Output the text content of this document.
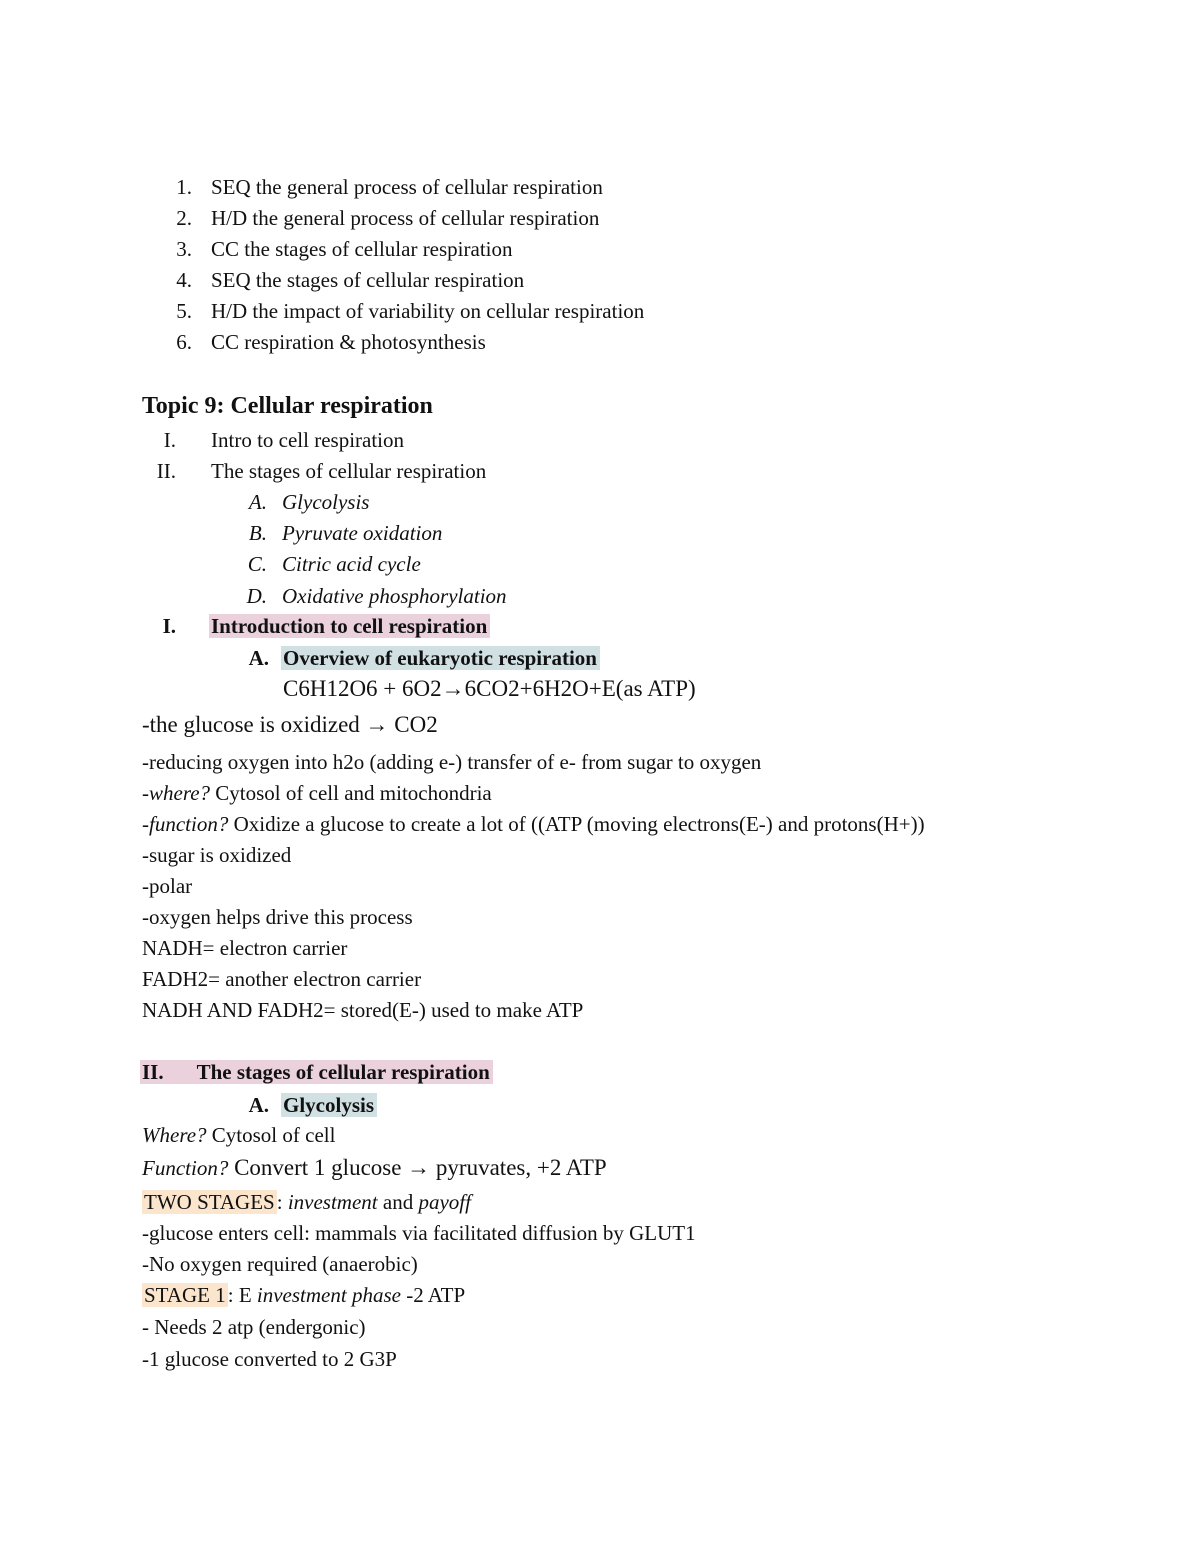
1. SEQ the general process of cellular respiration
2. H/D the general process of cellular respiration
3. CC the stages of cellular respiration
4. SEQ the stages of cellular respiration
5. H/D the impact of variability on cellular respiration
6. CC respiration & photosynthesis
Topic 9: Cellular respiration
I. Intro to cell respiration
II. The stages of cellular respiration
A. Glycolysis
B. Pyruvate oxidation
C. Citric acid cycle
D. Oxidative phosphorylation
I. Introduction to cell respiration
A. Overview of eukaryotic respiration
C6H12O6 + 6O2→6CO2+6H2O+E(as ATP)
-the glucose is oxidized → CO2
-reducing oxygen into h2o (adding e-) transfer of e- from sugar to oxygen
-where? Cytosol of cell and mitochondria
-function? Oxidize a glucose to create a lot of ((ATP (moving electrons(E-) and protons(H+))
-sugar is oxidized
-polar
-oxygen helps drive this process
NADH= electron carrier
FADH2= another electron carrier
NADH AND FADH2= stored(E-) used to make ATP
II. The stages of cellular respiration
A. Glycolysis
Where? Cytosol of cell
Function? Convert 1 glucose → pyruvates, +2 ATP
TWO STAGES: investment and payoff
-glucose enters cell: mammals via facilitated diffusion by GLUT1
-No oxygen required (anaerobic)
STAGE 1: E investment phase -2 ATP
- Needs 2 atp (endergonic)
-1 glucose converted to 2 G3P
